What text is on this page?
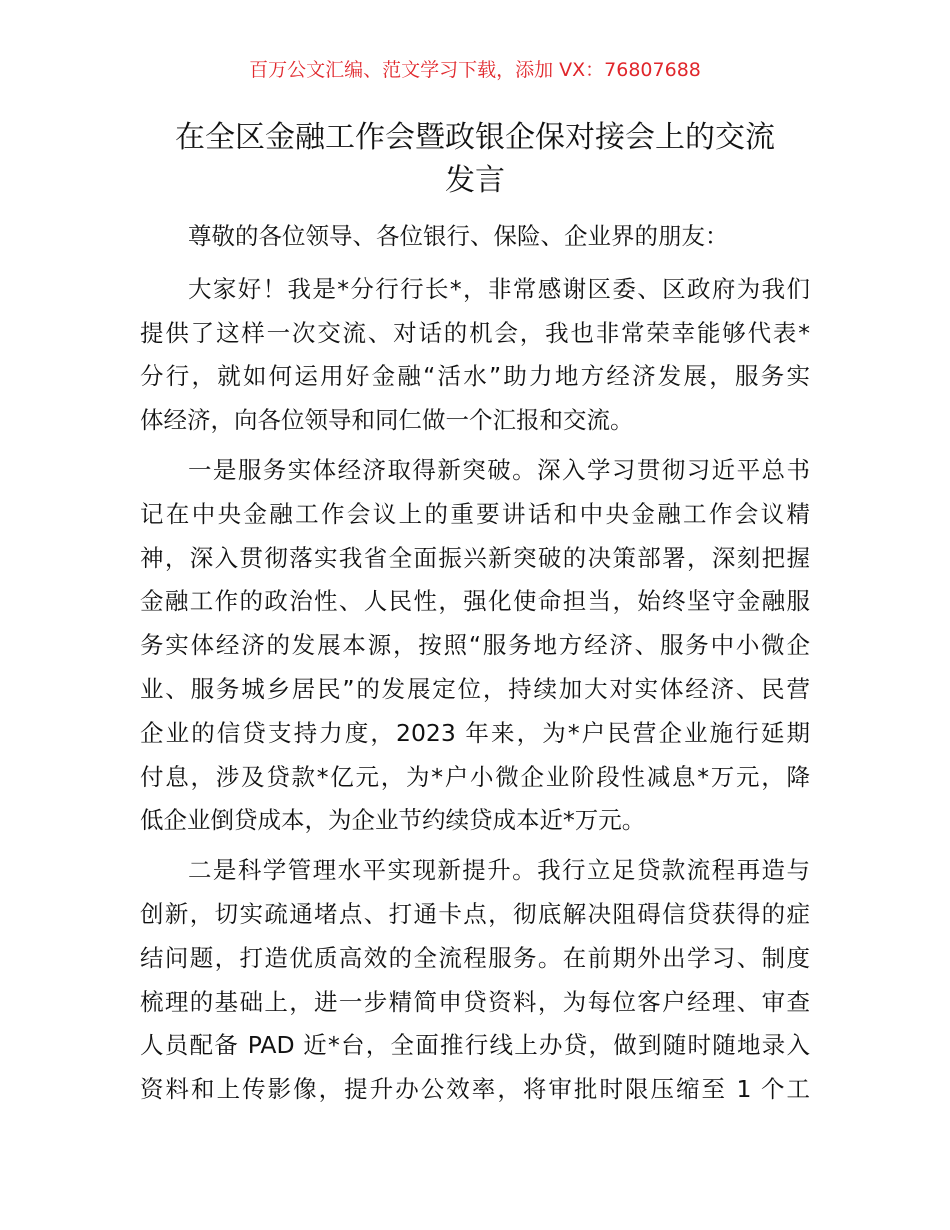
百万公文汇编、范文学习下载，添加 VX：76807688
在全区金融工作会暨政银企保对接会上的交流
发言
尊敬的各位领导、各位银行、保险、企业界的朋友：
大家好！我是*分行行长*，非常感谢区委、区政府为我们
提供了这样一次交流、对话的机会，我也非常荣幸能够代表*
分行，就如何运用好金融“活水”助力地方经济发展，服务实
体经济，向各位领导和同仁做一个汇报和交流。
一是服务实体经济取得新突破。深入学习贯彻习近平总书
记在中央金融工作会议上的重要讲话和中央金融工作会议精
神，深入贯彻落实我省全面振兴新突破的决策部署，深刻把握
金融工作的政治性、人民性，强化使命担当，始终坚守金融服
务实体经济的发展本源，按照“服务地方经济、服务中小微企
业、服务城乡居民”的发展定位，持续加大对实体经济、民营
企业的信贷支持力度，2023 年来，为*户民营企业施行延期
付息，涉及贷款*亿元，为*户小微企业阶段性减息*万元，降
低企业倒贷成本，为企业节约续贷成本近*万元。
二是科学管理水平实现新提升。我行立足贷款流程再造与
创新，切实疏通堵点、打通卡点，彻底解决阻碍信贷获得的症
结问题，打造优质高效的全流程服务。在前期外出学习、制度
梳理的基础上，进一步精简申贷资料，为每位客户经理、审查
人员配备 PAD 近*台，全面推行线上办贷，做到随时随地录入
资料和上传影像，提升办公效率，将审批时限压缩至 1 个工
